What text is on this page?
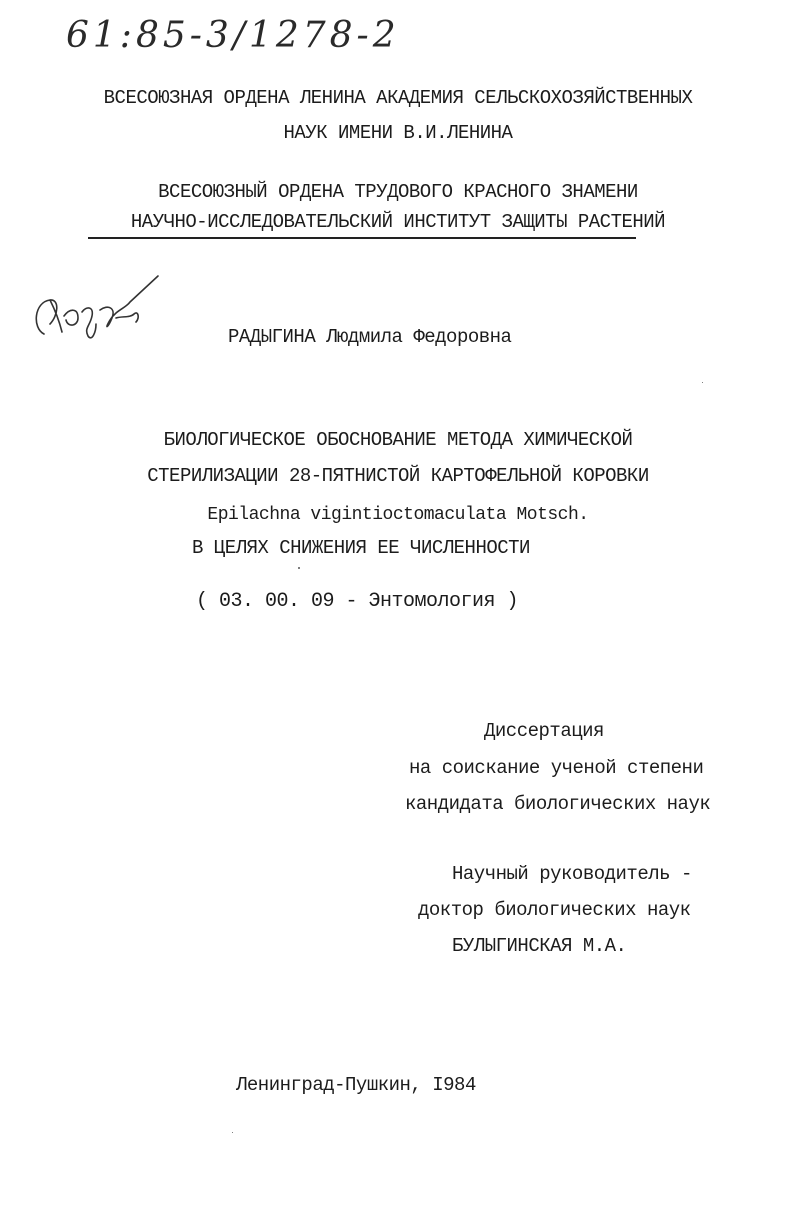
61:85-3/1278-2
ВСЕСОЮЗНАЯ ОРДЕНА ЛЕНИНА АКАДЕМИЯ СЕЛЬСКОХОЗЯЙСТВЕННЫХ
НАУК ИМЕНИ В.И.ЛЕНИНА
ВСЕСОЮЗНЫЙ ОРДЕНА ТРУДОВОГО КРАСНОГО ЗНАМЕНИ
НАУЧНО-ИССЛЕДОВАТЕЛЬСКИЙ ИНСТИТУТ ЗАЩИТЫ РАСТЕНИЙ
РАДЫГИНА Людмила Федоровна
БИОЛОГИЧЕСКОЕ ОБОСНОВАНИЕ МЕТОДА ХИМИЧЕСКОЙ
СТЕРИЛИЗАЦИИ 28-ПЯТНИСТОЙ КАРТОФЕЛЬНОЙ КОРОВКИ
Epilachna vigintioctomaculata Motsch.
В ЦЕЛЯХ СНИЖЕНИЯ ЕЕ ЧИСЛЕННОСТИ
( 03. 00. 09 - Энтомология )
Диссертация
на соискание ученой степени
кандидата биологических наук
Научный руководитель -
доктор биологических наук
БУЛЫГИНСКАЯ М.А.
Ленинград-Пушкин, I984
